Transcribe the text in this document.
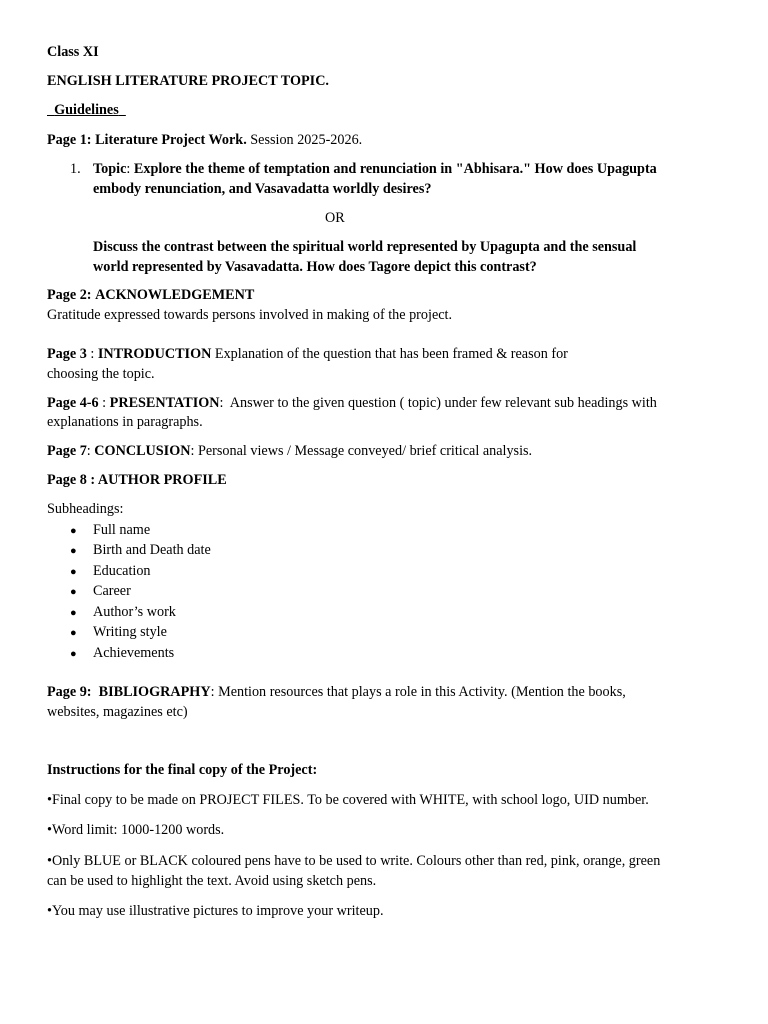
Class XI
ENGLISH LITERATURE PROJECT TOPIC.
Guidelines
Page 1: Literature Project Work. Session 2025-2026.
1. Topic: Explore the theme of temptation and renunciation in "Abhisara." How does Upagupta
embody renunciation, and Vasavadatta worldly desires?
OR
Discuss the contrast between the spiritual world represented by Upagupta and the sensual
world represented by Vasavadatta. How does Tagore depict this contrast?
Page 2: ACKNOWLEDGEMENT
Gratitude expressed towards persons involved in making of the project.
Page 3 : INTRODUCTION Explanation of the question that has been framed & reason for
choosing the topic.
Page 4-6 : PRESENTATION:  Answer to the given question ( topic) under few relevant sub headings with
explanations in paragraphs.
Page 7: CONCLUSION: Personal views / Message conveyed/ brief critical analysis.
Page 8 : AUTHOR PROFILE
Subheadings:
● Full name
● Birth and Death date
● Education
● Career
● Author’s work
● Writing style
● Achievements
Page 9: BIBLIOGRAPHY: Mention resources that plays a role in this Activity. (Mention the books,
websites, magazines etc)
Instructions for the final copy of the Project:
•Final copy to be made on PROJECT FILES. To be covered with WHITE, with school logo, UID number.
•Word limit: 1000-1200 words.
•Only BLUE or BLACK coloured pens have to be used to write. Colours other than red, pink, orange, green
can be used to highlight the text. Avoid using sketch pens.
•You may use illustrative pictures to improve your writeup.
